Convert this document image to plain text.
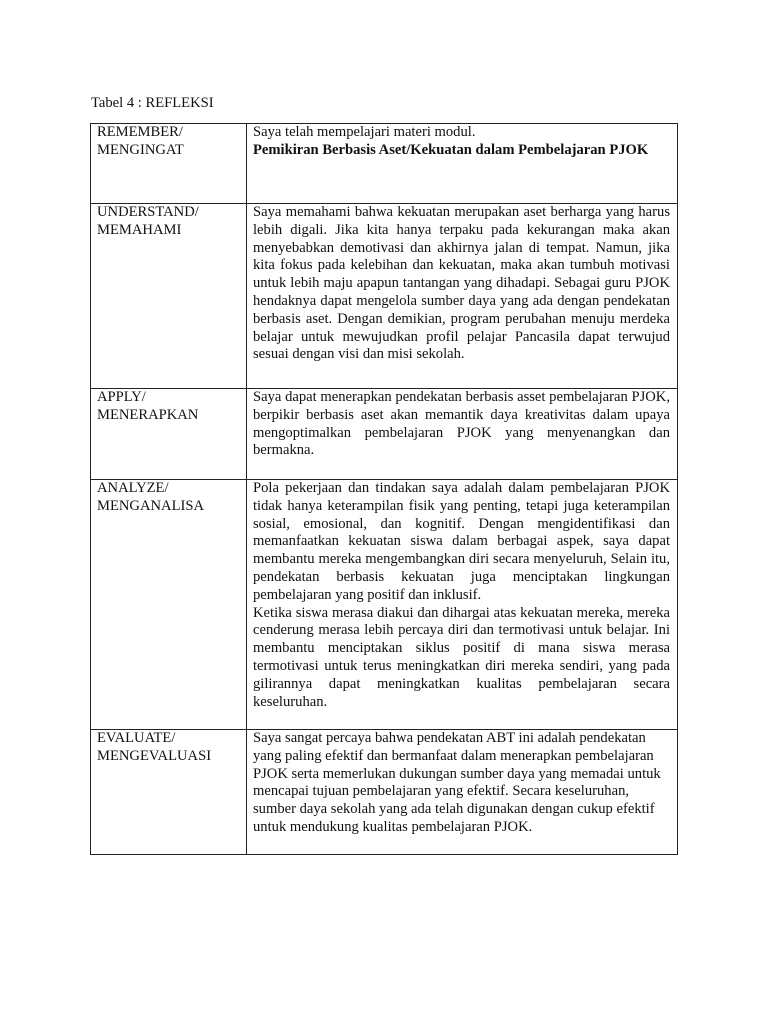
Tabel 4 : REFLEKSI
REMEMBER/
MENGINGAT	Saya telah mempelajari materi modul.
Pemikiran Berbasis Aset/Kekuatan dalam Pembelajaran PJOK

UNDERSTAND/
MEMAHAMI	Saya memahami bahwa kekuatan merupakan aset berharga yang harus lebih digali. Jika kita hanya terpaku pada kekurangan maka akan menyebabkan demotivasi dan akhirnya jalan di tempat. Namun, jika kita fokus pada kelebihan dan kekuatan, maka akan tumbuh motivasi untuk lebih maju apapun tantangan yang dihadapi. Sebagai guru PJOK hendaknya dapat mengelola sumber daya yang ada dengan pendekatan berbasis aset. Dengan demikian, program perubahan menuju merdeka belajar untuk mewujudkan profil pelajar Pancasila dapat terwujud sesuai dengan visi dan misi sekolah.

APPLY/
MENERAPKAN	Saya dapat menerapkan pendekatan berbasis asset pembelajaran PJOK, berpikir berbasis aset akan memantik daya kreativitas dalam upaya mengoptimalkan pembelajaran PJOK yang menyenangkan dan bermakna.

ANALYZE/
MENGANALISA	Pola pekerjaan dan tindakan saya adalah dalam pembelajaran PJOK tidak hanya keterampilan fisik yang penting, tetapi juga keterampilan sosial, emosional, dan kognitif. Dengan mengidentifikasi dan memanfaatkan kekuatan siswa dalam berbagai aspek, saya dapat membantu mereka mengembangkan diri secara menyeluruh, Selain itu, pendekatan berbasis kekuatan juga menciptakan lingkungan pembelajaran yang positif dan inklusif.
Ketika siswa merasa diakui dan dihargai atas kekuatan mereka, mereka cenderung merasa lebih percaya diri dan termotivasi untuk belajar. Ini membantu menciptakan siklus positif di mana siswa merasa termotivasi untuk terus meningkatkan diri mereka sendiri, yang pada gilirannya dapat meningkatkan kualitas pembelajaran secara keseluruhan.

EVALUATE/
MENGEVALUASI	Saya sangat percaya bahwa pendekatan ABT ini adalah pendekatan yang paling efektif dan bermanfaat dalam menerapkan pembelajaran PJOK serta memerlukan dukungan sumber daya yang memadai untuk mencapai tujuan pembelajaran yang efektif. Secara keseluruhan, sumber daya sekolah yang ada telah digunakan dengan cukup efektif untuk mendukung kualitas pembelajaran PJOK.
